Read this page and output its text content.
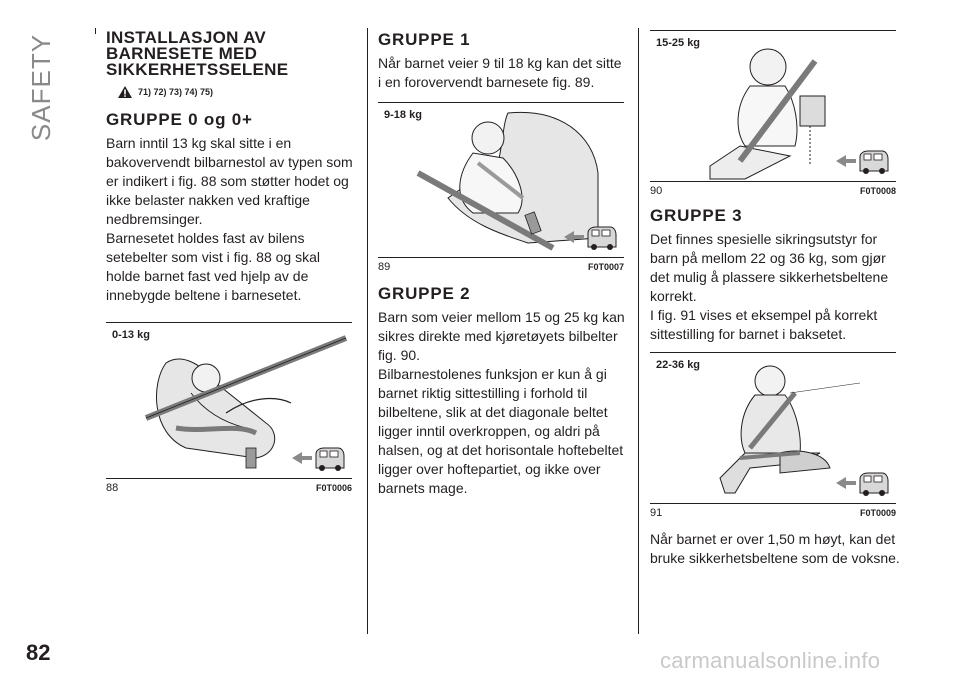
SAFETY	INSTALLASJON AV
BARNESETE MED
SIKKERHETSSELENE
71) 72) 73) 74) 75)
GRUPPE 0 og 0+

Barn inntil 13 kg skal sitte i en bakovervendt bilbarnestol av typen som er indikert i fig. 88 som støtter hodet og ikke belaster nakken ved kraftige nedbremsinger.

Barnesetet holdes fast av bilens setebelter som vist i fig. 88 og skal holde barnet fast ved hjelp av de innebygde beltene i barnesetet.

0-13 kg
88	F0T0006
GRUPPE 1

Når barnet veier 9 til 18 kg kan det sitte i en forovervendt barnesete fig. 89.

9-18 kg
89	F0T0007
GRUPPE 2

Barn som veier mellom 15 og 25 kg kan sikres direkte med kjøretøyets bilbelter fig. 90.

Bilbarnestolenes funksjon er kun å gi barnet riktig sittestilling i forhold til bilbeltene, slik at det diagonale beltet ligger inntil overkroppen, og aldri på halsen, og at det horisontale hoftebeltet ligger over hoftepartiet, og ikke over barnets mage.

15-25 kg
90	F0T0008
GRUPPE 3

Det finnes spesielle sikringsutstyr for barn på mellom 22 og 36 kg, som gjør det mulig å plassere sikkerhetsbeltene korrekt.

I fig. 91 vises et eksempel på korrekt sittestilling for barnet i baksetet.

22-36 kg
91	F0T0009

Når barnet er over 1,50 m høyt, kan det bruke sikkerhetsbeltene som de voksne.

82	carmanualsonline.info
